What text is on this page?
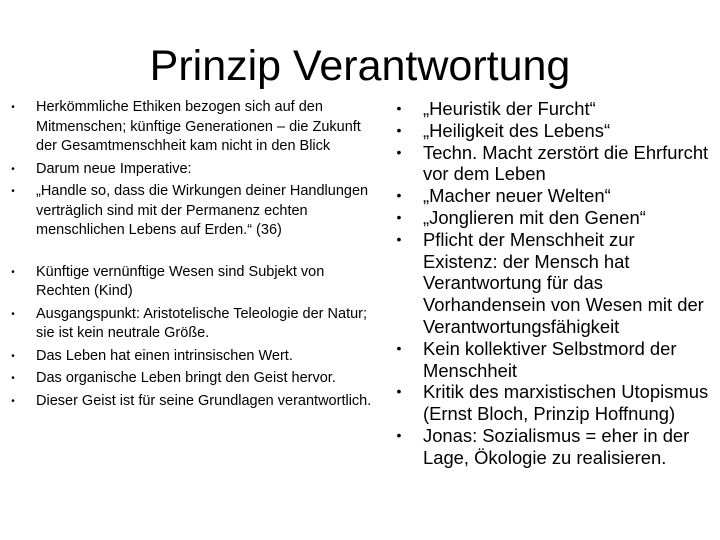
Prinzip Verantwortung
• Herkömmliche Ethiken bezogen sich auf den Mitmenschen; künftige Generationen – die Zukunft der Gesamtmenschheit kam nicht in den Blick
• Darum neue Imperative:
• „Handle so, dass die Wirkungen deiner Handlungen verträglich sind mit der Permanenz echten menschlichen Lebens auf Erden.“ (36)
• Künftige vernünftige Wesen sind Subjekt von Rechten (Kind)
• Ausgangspunkt: Aristotelische Teleologie der Natur; sie ist kein neutrale Größe.
• Das Leben hat einen intrinsischen Wert.
• Das organische Leben bringt den Geist hervor.
• Dieser Geist ist für seine Grundlagen verantwortlich.
• „Heuristik der Furcht“
• „Heiligkeit des Lebens“
• Techn. Macht zerstört die Ehrfurcht vor dem Leben
• „Macher neuer Welten“
• „Jonglieren mit den Genen“
• Pflicht der Menschheit zur Existenz: der Mensch hat Verantwortung für das Vorhandensein von Wesen mit der Verantwortungsfähigkeit
• Kein kollektiver Selbstmord der Menschheit
• Kritik des marxistischen Utopismus (Ernst Bloch, Prinzip Hoffnung)
• Jonas: Sozialismus = eher in der Lage, Ökologie zu realisieren.
